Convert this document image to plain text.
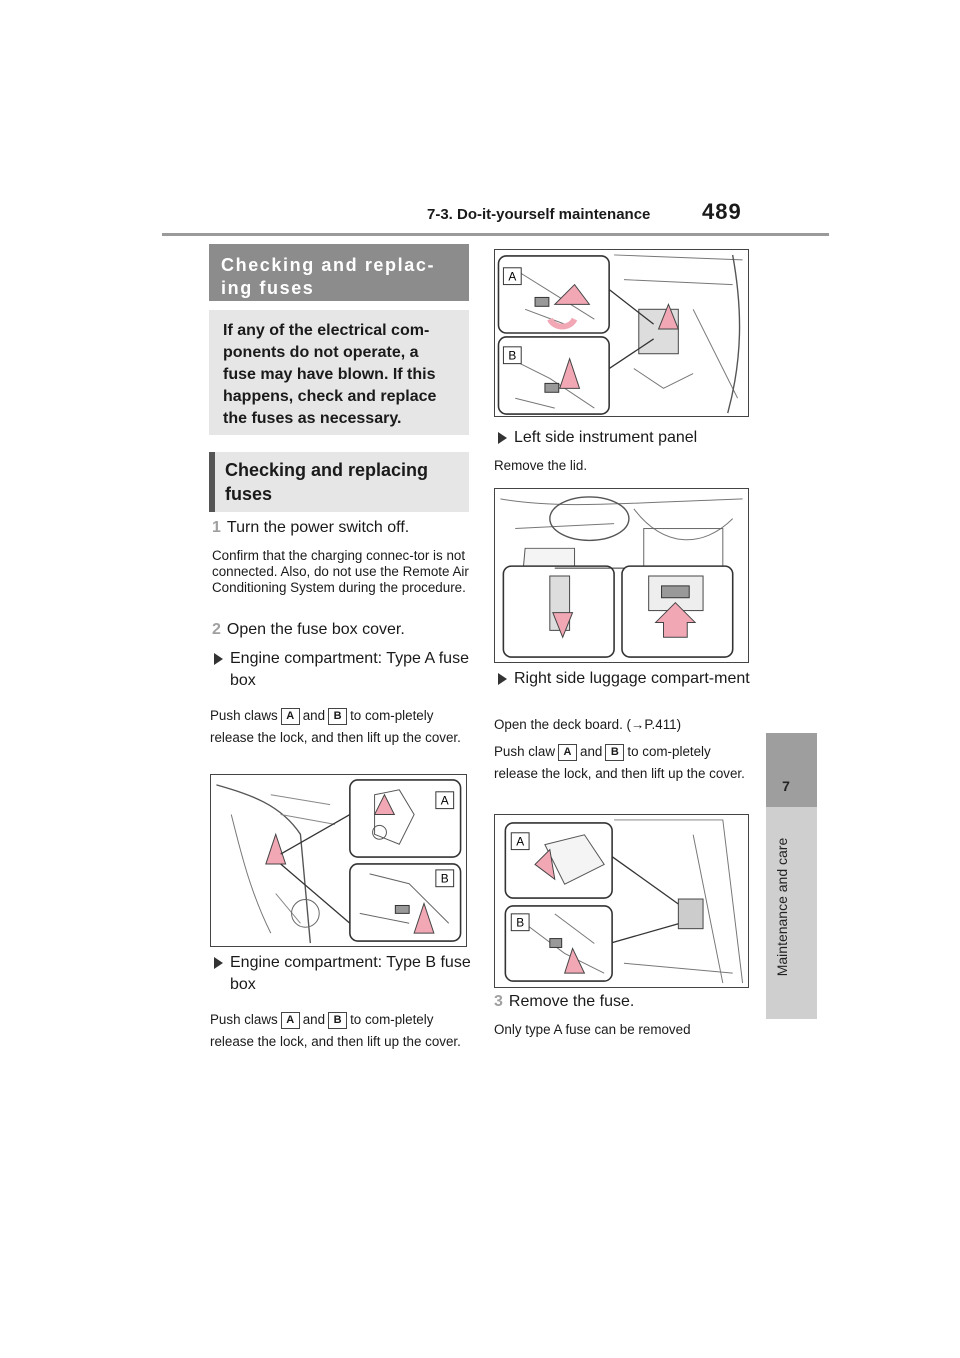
7-3. Do-it-yourself maintenance 489
7
Maintenance and care
Checking and replac-ing fuses
If any of the electrical com-ponents do not operate, a fuse may have blown. If this happens, check and replace the fuses as necessary.
Checking and replacing fuses
1 Turn the power switch off.
Confirm that the charging connec-tor is not connected. Also, do not use the Remote Air Conditioning System during the procedure.
2 Open the fuse box cover.
Engine compartment: Type A fuse box
Push claws A and B to com-pletely release the lock, and then lift up the cover.
A
B
Engine compartment: Type B fuse box
Push claws A and B to com-pletely release the lock, and then lift up the cover.
A
B
Left side instrument panel
Remove the lid.
Right side luggage compart-ment
Open the deck board. (→P.411)
Push claw A and B to com-pletely release the lock, and then lift up the cover.
A
B
3 Remove the fuse.
Only type A fuse can be removed
